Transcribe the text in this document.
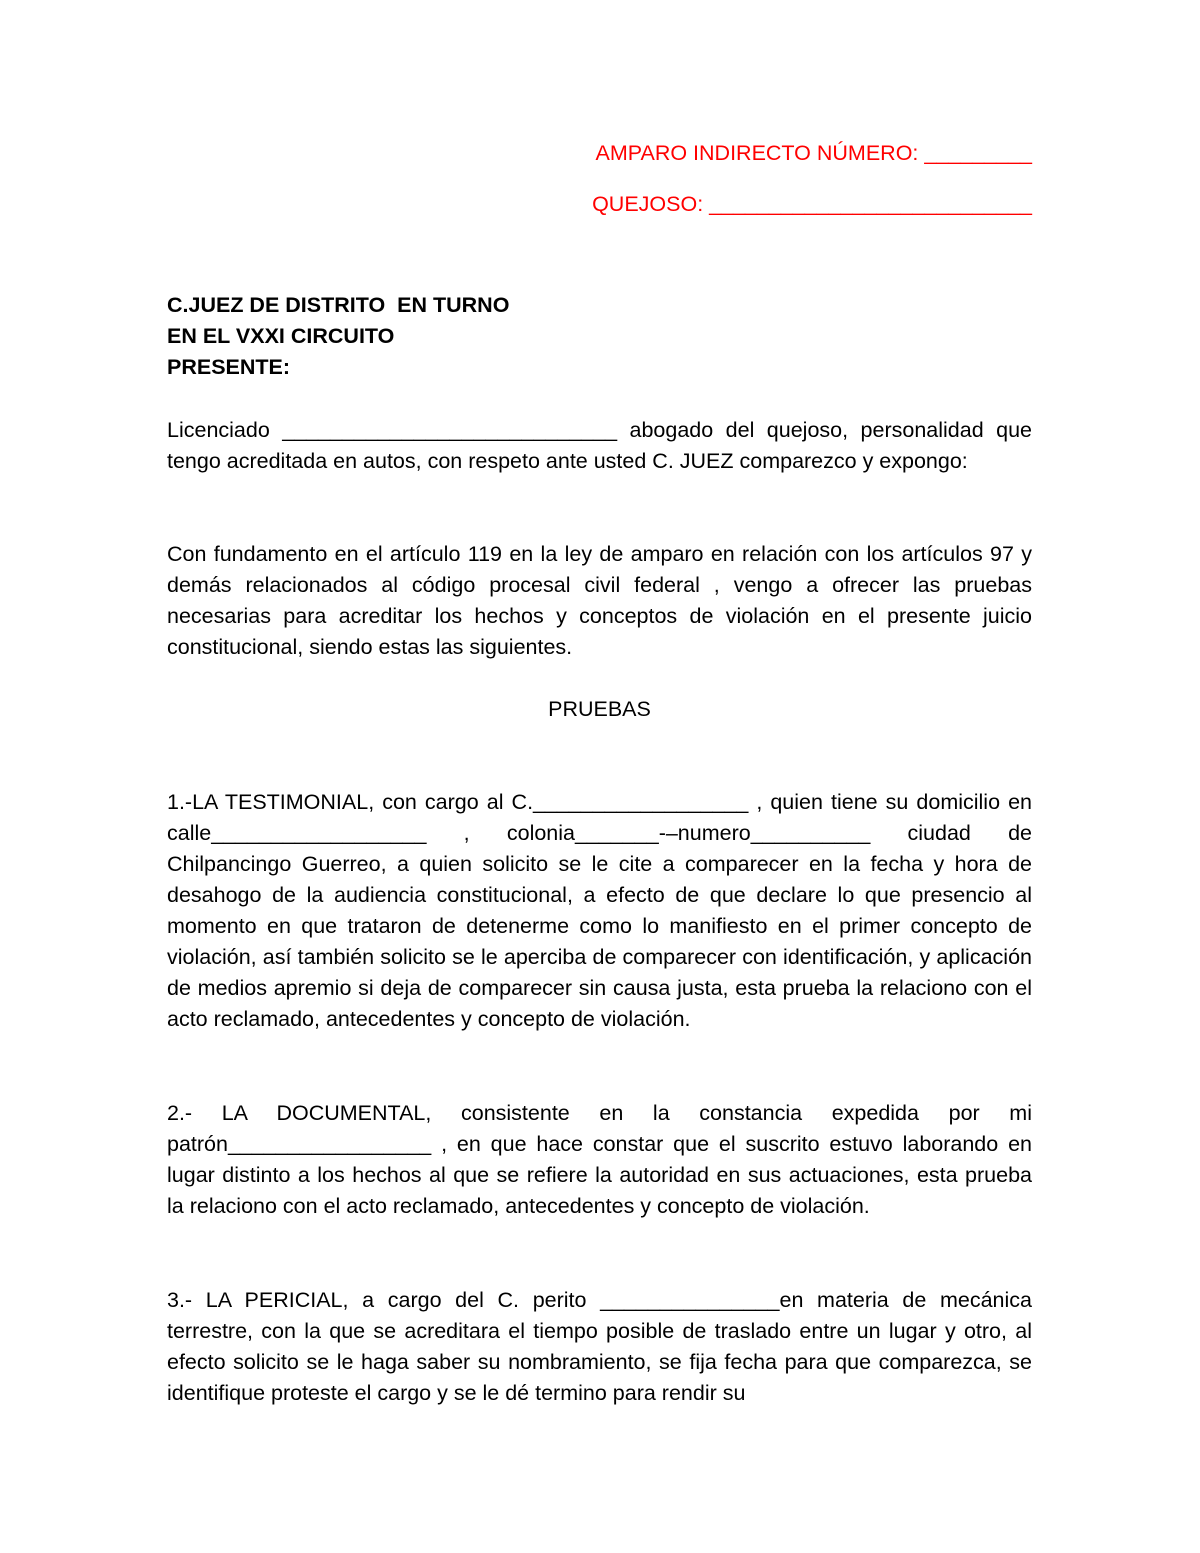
AMPARO INDIRECTO NÚMERO: _________
QUEJOSO: ___________________________
C.JUEZ DE DISTRITO  EN TURNO
EN EL VXXI CIRCUITO
PRESENTE:

Licenciado ____________________________ abogado del quejoso, personalidad que tengo acreditada en autos, con respeto ante usted C. JUEZ comparezco y expongo:

Con fundamento en el artículo 119 en la ley de amparo en relación con los artículos 97 y demás relacionados al código procesal civil federal , vengo a ofrecer las pruebas necesarias para acreditar los hechos y conceptos de violación en el presente juicio constitucional, siendo estas las siguientes.

PRUEBAS

1.-LA TESTIMONIAL, con cargo al C.__________________ , quien tiene su domicilio en calle__________________ , colonia_______-–numero__________ ciudad de Chilpancingo Guerreo, a quien solicito se le cite a comparecer en la fecha y hora de desahogo de la audiencia constitucional, a efecto de que declare lo que presencio al momento en que trataron de detenerme como lo manifiesto en el primer concepto de violación, así también solicito se le aperciba de comparecer con identificación, y aplicación de medios apremio si deja de comparecer sin causa justa, esta prueba la relaciono con el acto reclamado, antecedentes y concepto de violación.

2.- LA DOCUMENTAL, consistente en la constancia expedida por mi patrón_________________ , en que hace constar que el suscrito estuvo laborando en lugar distinto a los hechos al que se refiere la autoridad en sus actuaciones, esta prueba la relaciono con el acto reclamado, antecedentes y concepto de violación.

3.- LA PERICIAL, a cargo del C. perito _______________en materia de mecánica terrestre, con la que se acreditara el tiempo posible de traslado entre un lugar y otro, al efecto solicito se le haga saber su nombramiento, se fija fecha para que comparezca, se identifique proteste el cargo y se le dé termino para rendir su
